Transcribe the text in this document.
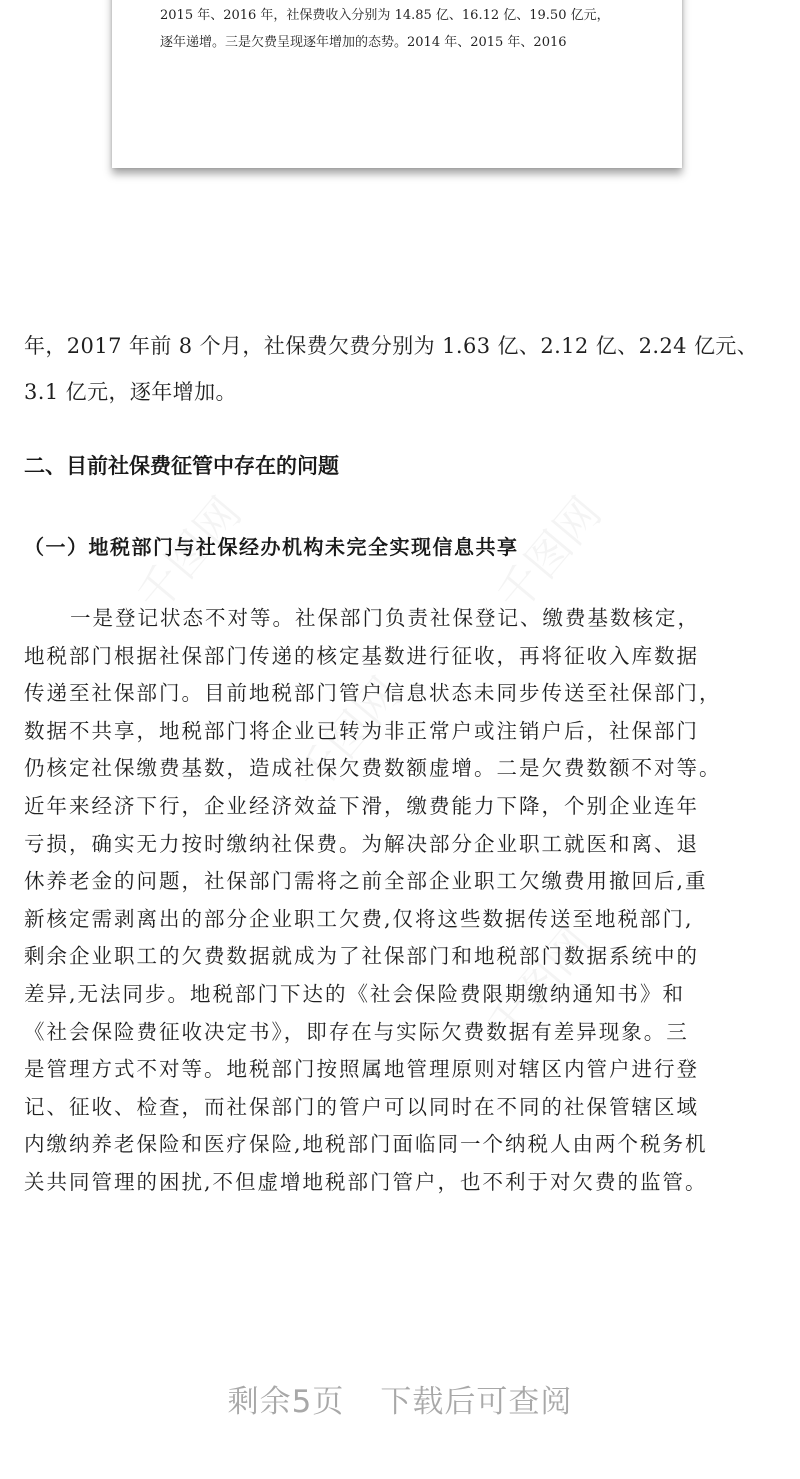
2015 年、2016 年，社保费收入分别为 14.85 亿、16.12 亿、19.50 亿元，

逐年递增。三是欠费呈现逐年增加的态势。2014 年、2015 年、2016

年，2017 年前 8 个月，社保费欠费分别为 1.63 亿、2.12 亿、2.24 亿元、

3.1 亿元，逐年增加。

二、目前社保费征管中存在的问题
（一）地税部门与社保经办机构未完全实现信息共享
一是登记状态不对等。社保部门负责社保登记、缴费基数核定，
地税部门根据社保部门传递的核定基数进行征收，再将征收入库数据
传递至社保部门。目前地税部门管户信息状态未同步传送至社保部门，
数据不共享，地税部门将企业已转为非正常户或注销户后，社保部门
仍核定社保缴费基数，造成社保欠费数额虚增。二是欠费数额不对等。
近年来经济下行，企业经济效益下滑，缴费能力下降，个别企业连年
亏损，确实无力按时缴纳社保费。为解决部分企业职工就医和离、退
休养老金的问题，社保部门需将之前全部企业职工欠缴费用撤回后,重
新核定需剥离出的部分企业职工欠费,仅将这些数据传送至地税部门,
剩余企业职工的欠费数据就成为了社保部门和地税部门数据系统中的
差异,无法同步。地税部门下达的《社会保险费限期缴纳通知书》和
《社会保险费征收决定书》，即存在与实际欠费数据有差异现象。三
是管理方式不对等。地税部门按照属地管理原则对辖区内管户进行登
记、征收、检查，而社保部门的管户可以同时在不同的社保管辖区域
内缴纳养老保险和医疗保险,地税部门面临同一个纳税人由两个税务机
关共同管理的困扰,不但虚增地税部门管户，也不利于对欠费的监管。
剩余5页 下载后可查阅
